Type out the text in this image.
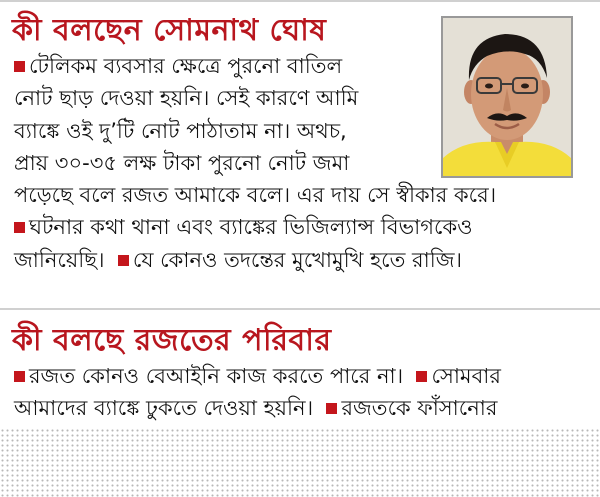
কী বলছেন সোমনাথ ঘোষ
টেলিকম ব্যবসার ক্ষেত্রে পুরনো বাতিল
নোট ছাড় দেওয়া হয়নি। সেই কারণে আমি
ব্যাঙ্কে ওই দু’টি নোট পাঠাতাম না। অথচ,
প্রায় ৩০-৩৫ লক্ষ টাকা পুরনো নোট জমা
পড়েছে বলে রজত আমাকে বলে। এর দায় সে স্বীকার করে।
ঘটনার কথা থানা এবং ব্যাঙ্কের ভিজিল্যান্স বিভাগকেও
জানিয়েছি। যে কোনও তদন্তের মুখোমুখি হতে রাজি।
কী বলছে রজতের পরিবার
রজত কোনও বেআইনি কাজ করতে পারে না। সোমবার
আমাদের ব্যাঙ্কে ঢুকতে দেওয়া হয়নি। রজতকে ফাঁসানোর
